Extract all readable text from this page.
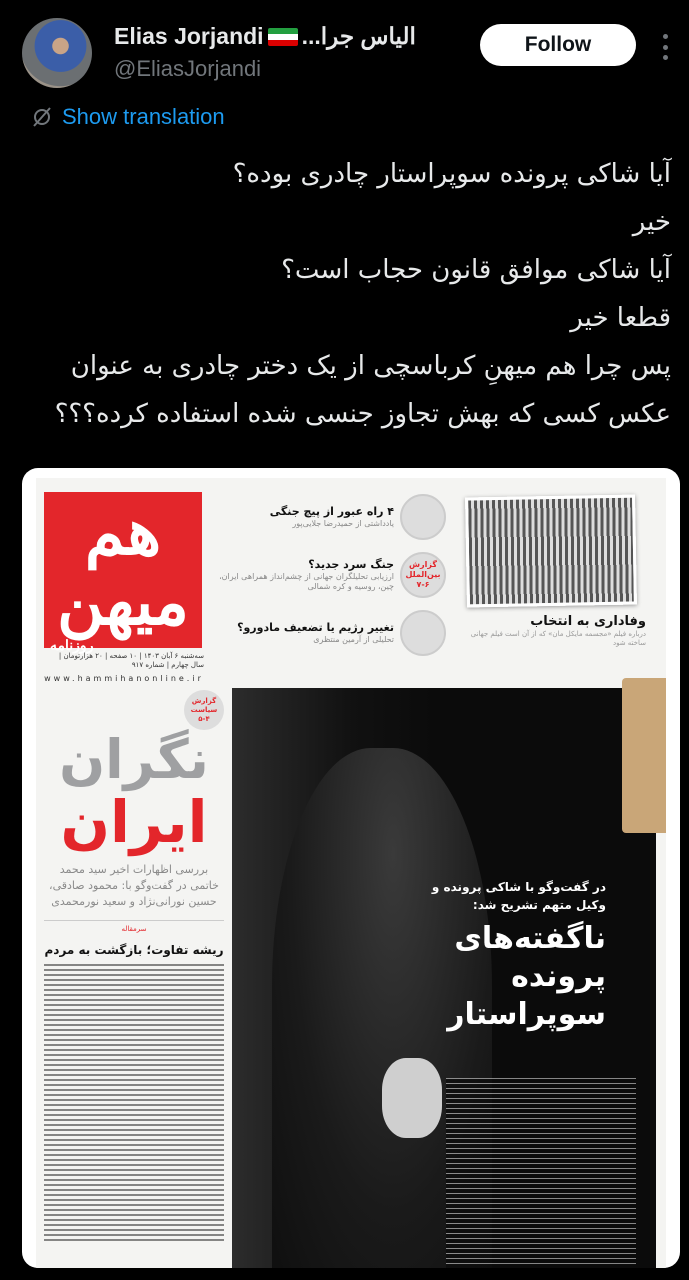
Elias Jorjandi ...الیاس جرا
@EliasJorjandi
Follow
Show translation
آیا شاکی پرونده سوپراستار چادری بوده؟
خیر
آیا شاکی موافق قانون حجاب است؟
قطعا خیر
پس چرا هم میهنِ کرباسچی از یک دختر چادری به عنوان
عکس کسی که بهش تجاوز جنسی شده استفاده کرده؟؟؟
هم میهن
روزنامه
سه‌شنبه ۶ آبان ۱۴۰۳ | ۱۰ صفحه | ۲۰ هزارتومان | سال چهارم | شماره ۹۱۷
www.hammihanonline.ir
۴ راه عبور از پیچ جنگی
یادداشتی از حمیدرضا جلایی‌پور
گزارش بین‌الملل ۶-۷
جنگ سرد جدید؟
ارزیابی تحلیلگران جهانی از چشم‌انداز همراهی ایران، چین، روسیه و کره شمالی
تغییر رژیم یا تضعیف مادورو؟
تحلیلی از آرمین منتظری
وفاداری به انتخاب
درباره فیلم «مجسمه مایکل مان» که از آن است فیلم جهانی ساخته شود
گزارش سیاست ۴-۵
نگران
ایران
بررسی اظهارات اخیر سید محمد خاتمی در گفت‌وگو با: محمود صادقی، حسین نورانی‌نژاد و سعید نورمحمدی
سرمقاله
ریشه تفاوت؛ بازگشت به مردم
در گفت‌وگو با شاکی پرونده و وکیل متهم تشریح شد:
ناگفته‌های پرونده سوپراستار
